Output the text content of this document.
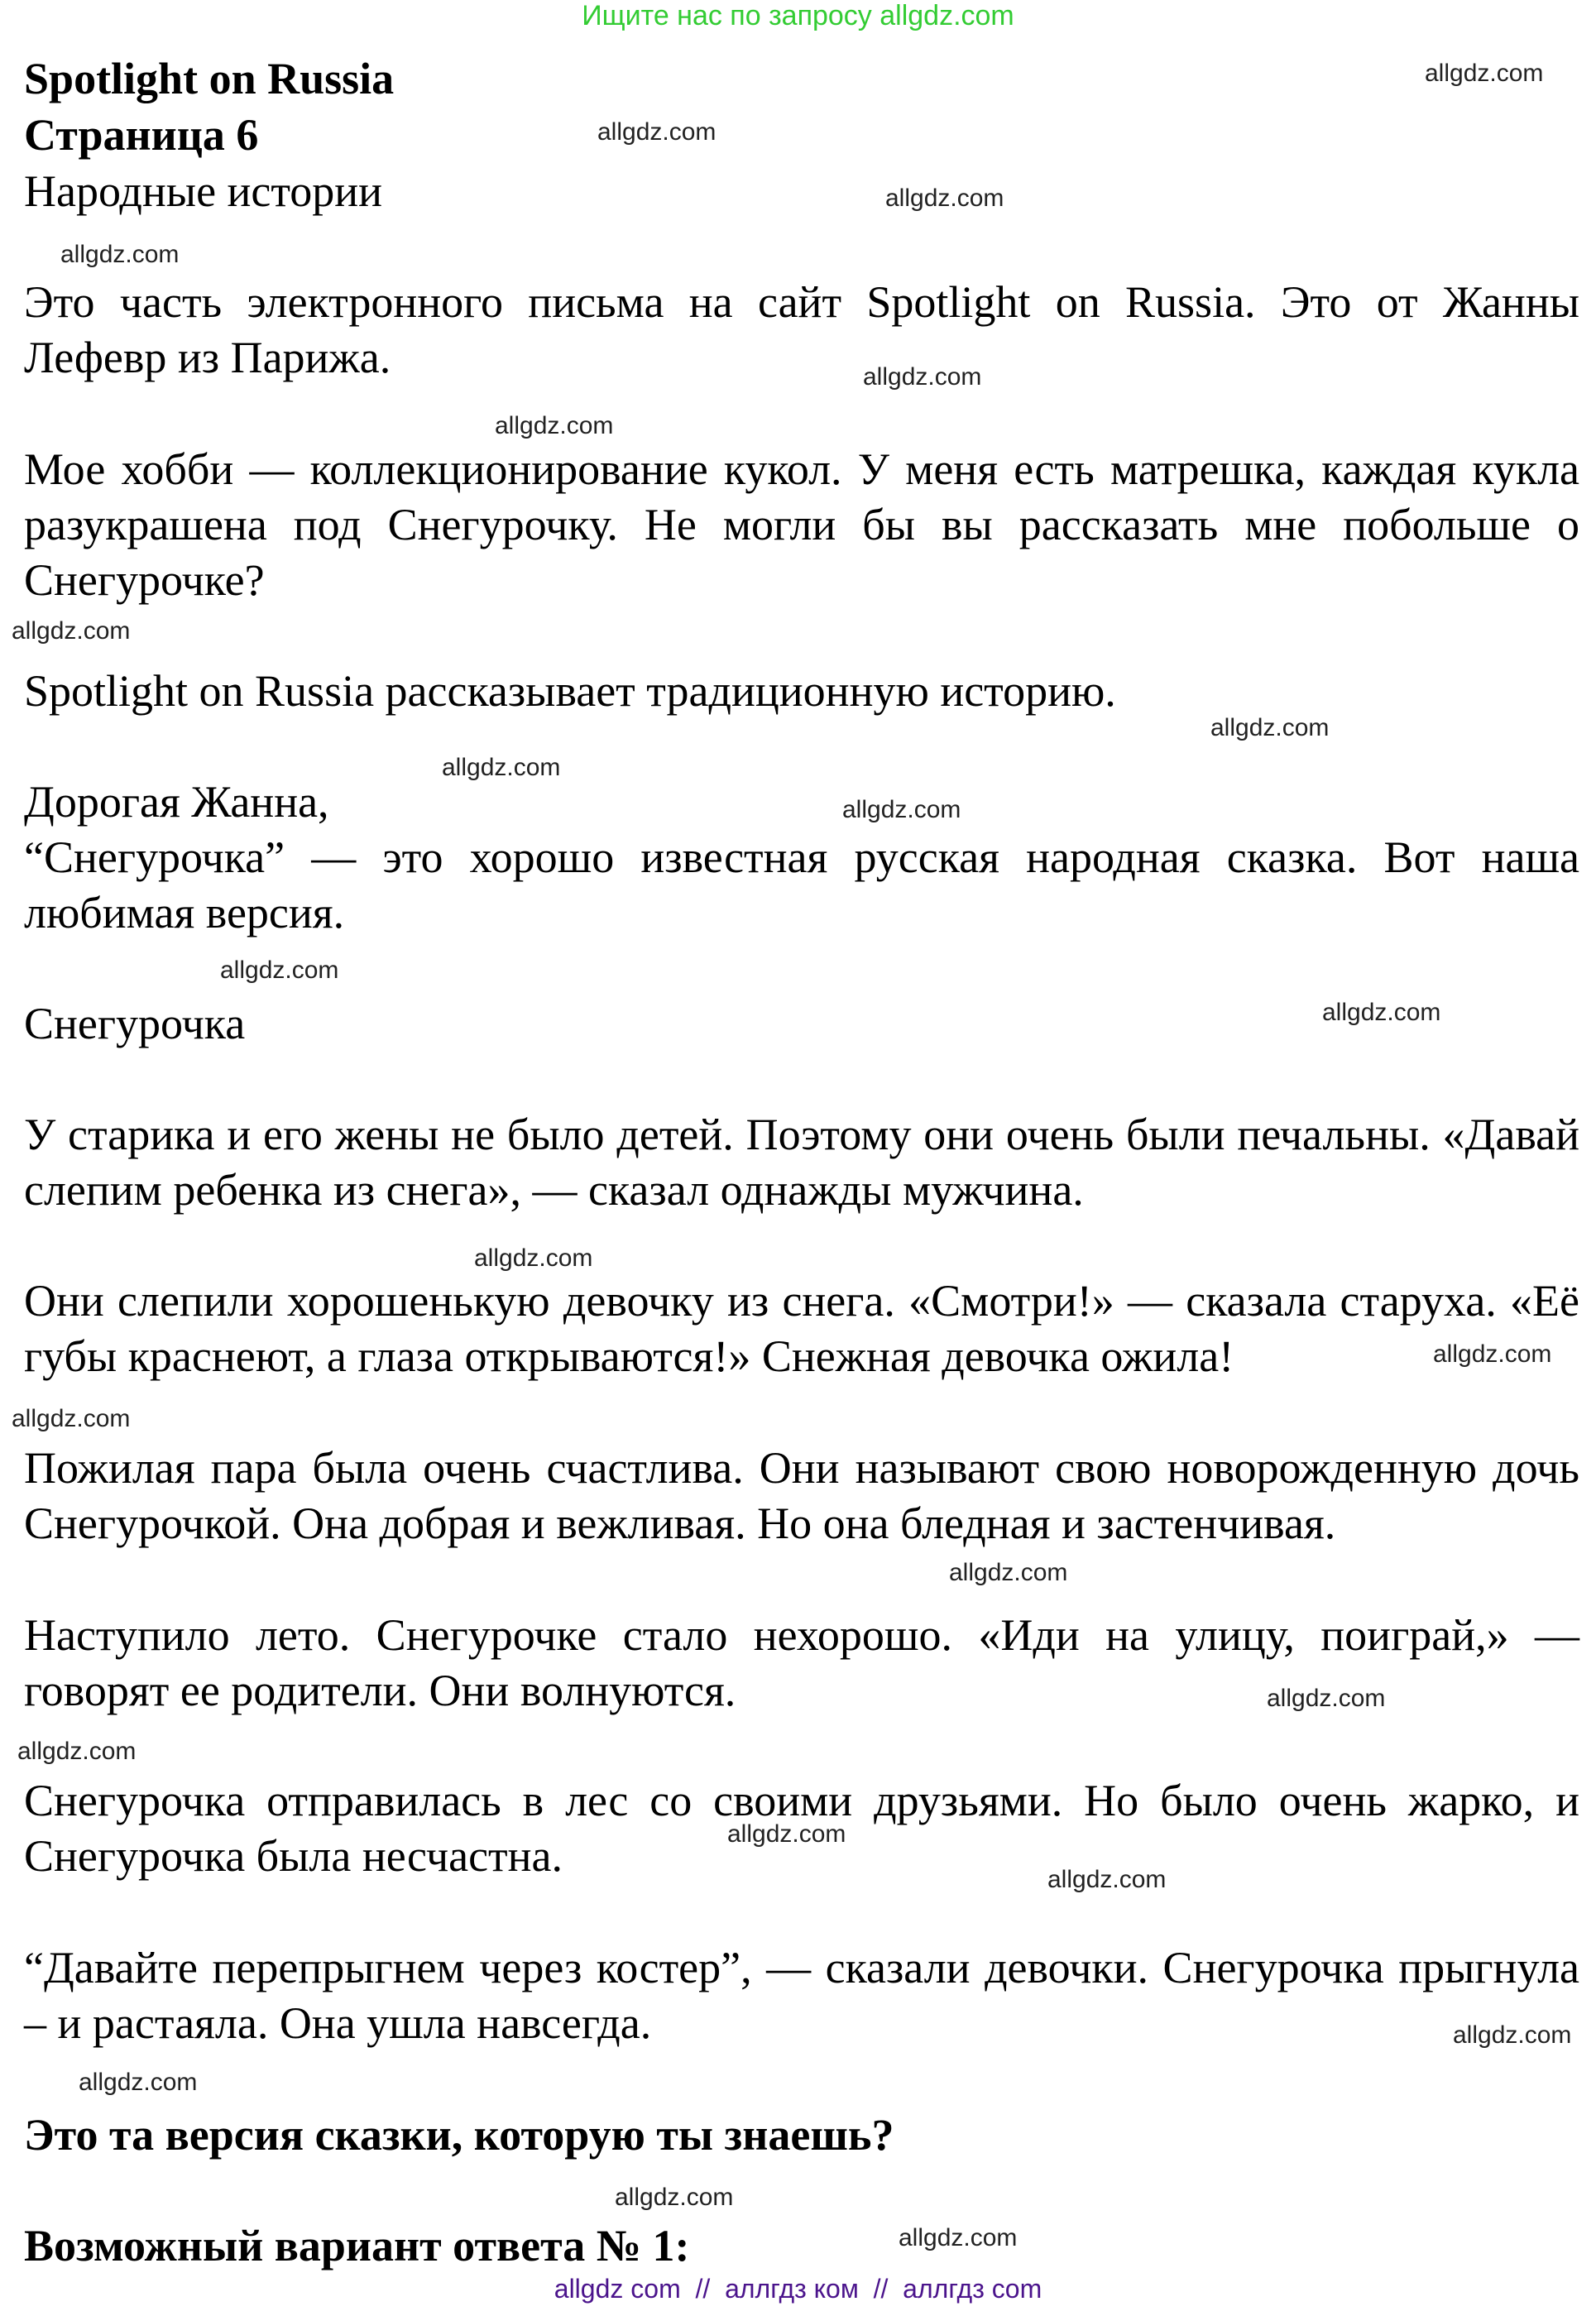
Ищите нас по запросу allgdz.com
Spotlight on Russia
Страница 6
Народные истории
Это часть электронного письма на сайт Spotlight on Russia. Это от Жанны Лефевр из Парижа.
Мое хобби — коллекционирование кукол. У меня есть матрешка, каждая кукла разукрашена под Снегурочку. Не могли бы вы рассказать мне побольше о Снегурочке?
Spotlight on Russia рассказывает традиционную историю.
Дорогая Жанна,
“Снегурочка” — это хорошо известная русская народная сказка. Вот наша любимая версия.
Снегурочка
У старика и его жены не было детей. Поэтому они очень были печальны. «Давай слепим ребенка из снега», — сказал однажды мужчина.
Они слепили хорошенькую девочку из снега. «Смотри!» — сказала старуха. «Её губы краснеют, а глаза открываются!» Снежная девочка ожила!
Пожилая пара была очень счастлива. Они называют свою новорожденную дочь Снегурочкой. Она добрая и вежливая. Но она бледная и застенчивая.
Наступило лето. Снегурочке стало нехорошо. «Иди на улицу, поиграй,» — говорят ее родители. Они волнуются.
Снегурочка отправилась в лес со своими друзьями. Но было очень жарко, и Снегурочка была несчастна.
“Давайте перепрыгнем через костер”, — сказали девочки. Снегурочка прыгнула – и растаяла. Она ушла навсегда.
Это та версия сказки, которую ты знаешь?
Возможный вариант ответа № 1:
allgdz.com
allgdz.com
allgdz.com
allgdz.com
allgdz.com
allgdz.com
allgdz.com
allgdz.com
allgdz.com
allgdz.com
allgdz.com
allgdz.com
allgdz.com
allgdz.com
allgdz.com
allgdz.com
allgdz.com
allgdz.com
allgdz.com
allgdz.com
allgdz.com
allgdz.com
allgdz.com
allgdz.com
allgdz com  //  аллгдз ком  //  аллгдз com
